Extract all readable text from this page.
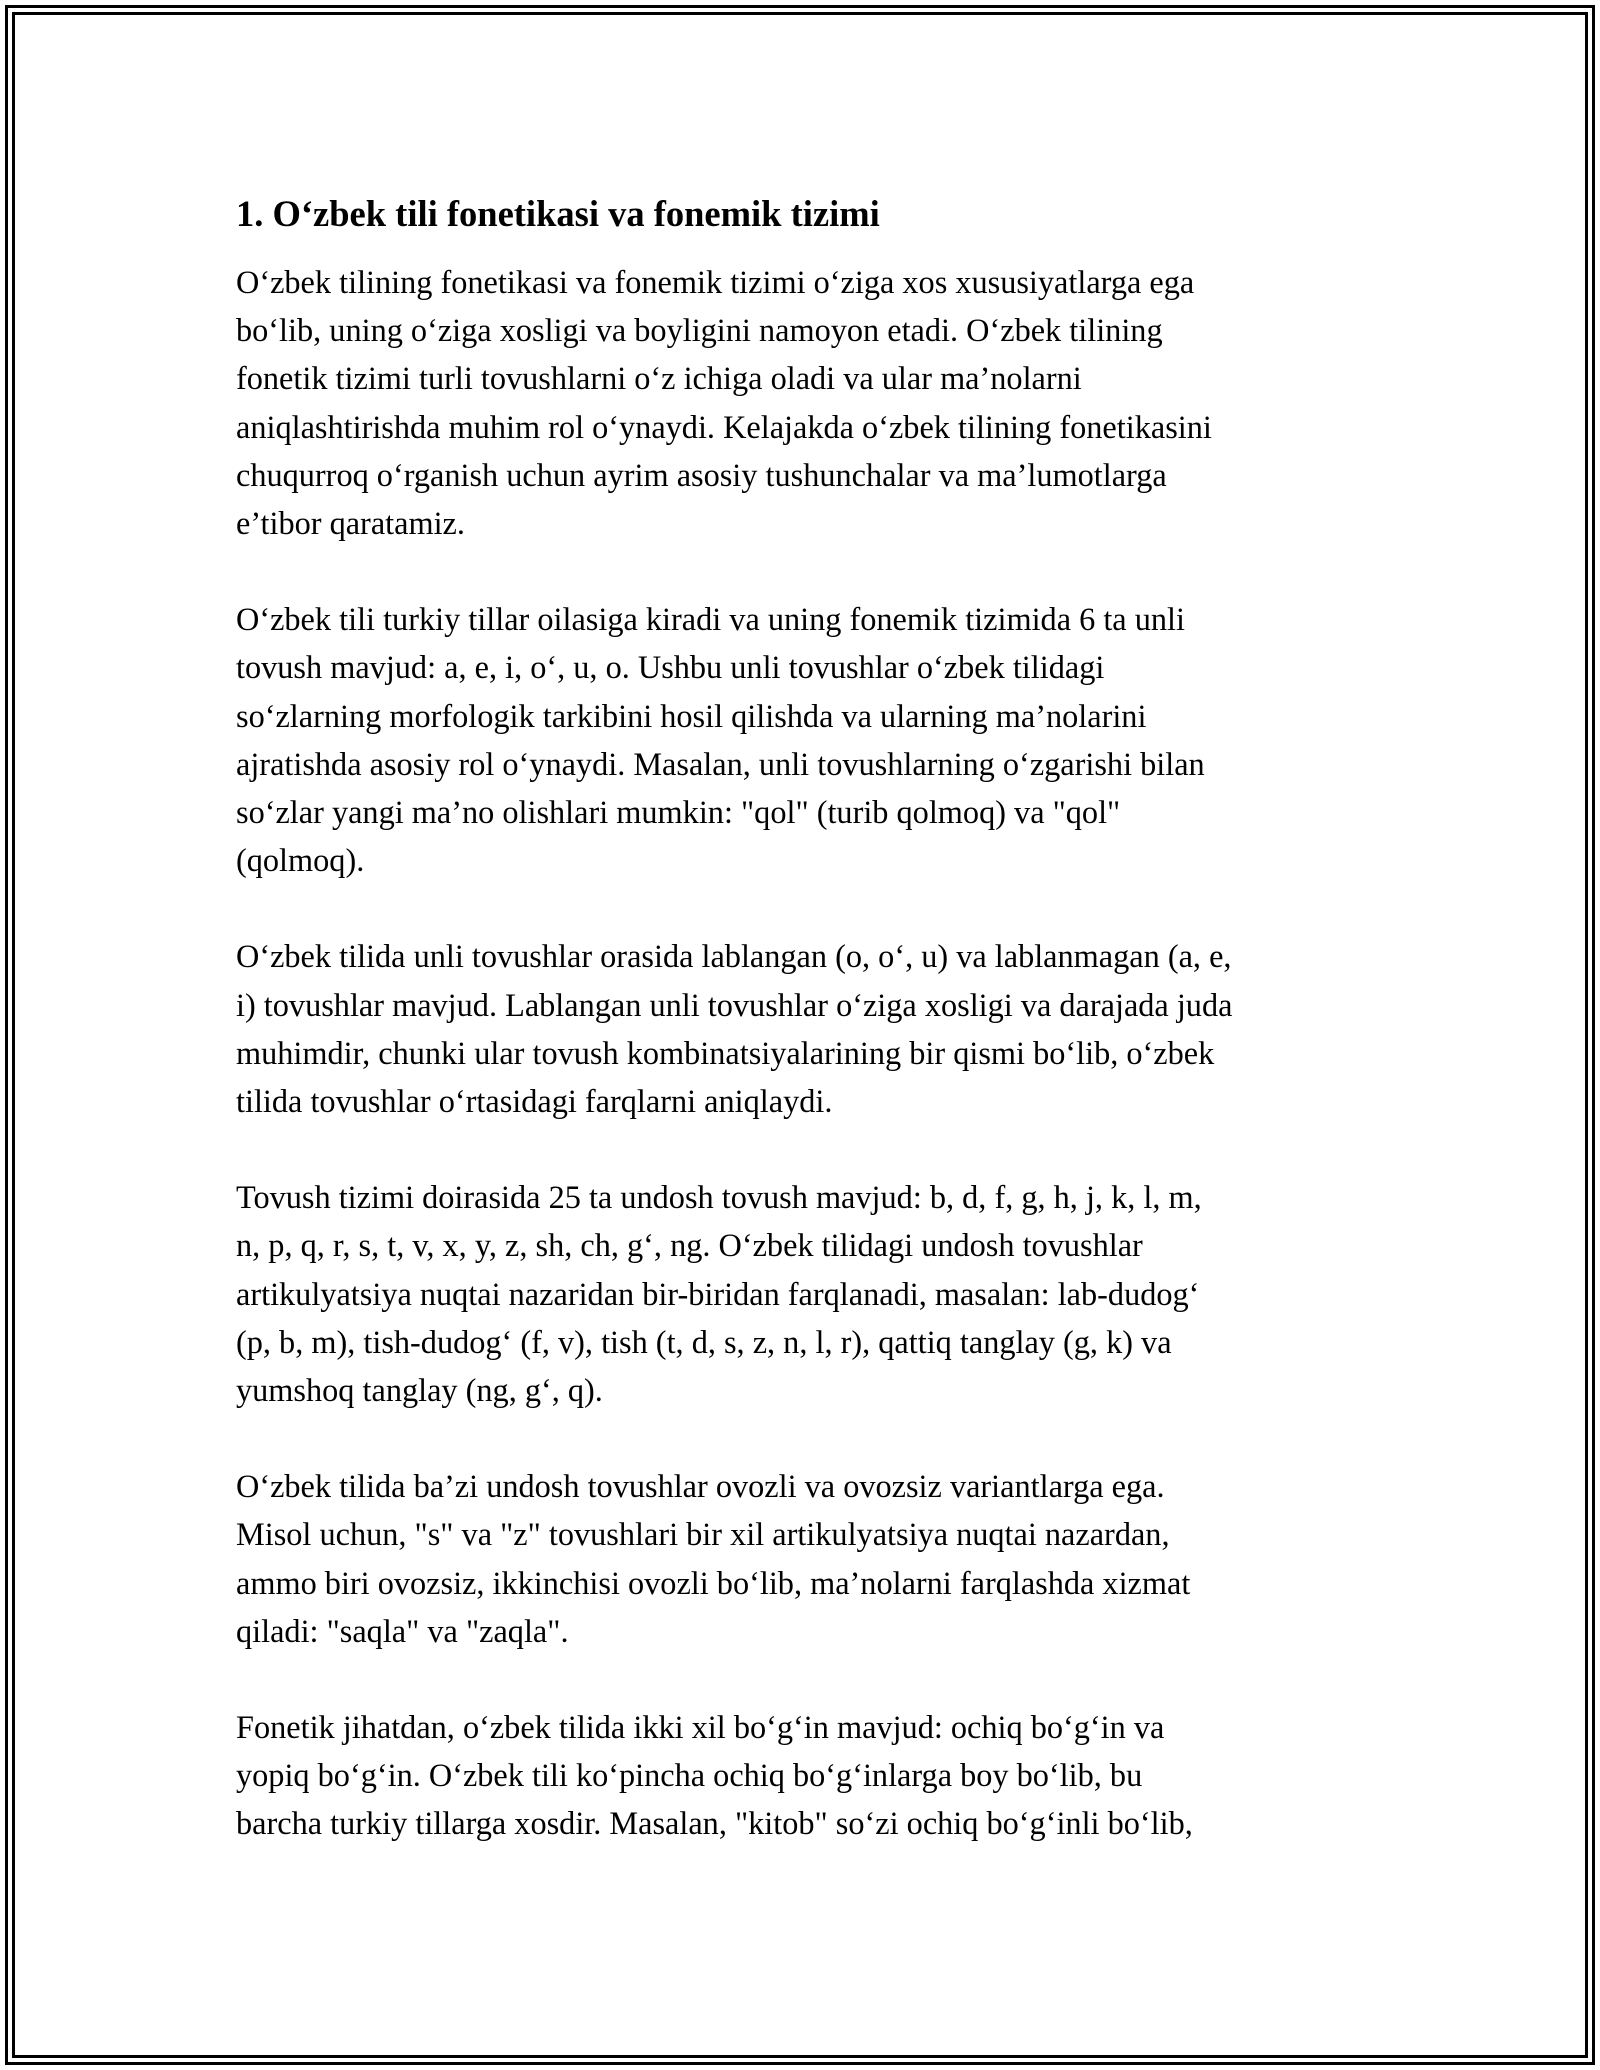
1. O‘zbek tili fonetikasi va fonemik tizimi

O‘zbek tilining fonetikasi va fonemik tizimi o‘ziga xos xususiyatlarga ega
bo‘lib, uning o‘ziga xosligi va boyligini namoyon etadi. O‘zbek tilining
fonetik tizimi turli tovushlarni o‘z ichiga oladi va ular ma’nolarni
aniqlashtirishda muhim rol o‘ynaydi. Kelajakda o‘zbek tilining fonetikasini
chuqurroq o‘rganish uchun ayrim asosiy tushunchalar va ma’lumotlarga
e’tibor qaratamiz.

O‘zbek tili turkiy tillar oilasiga kiradi va uning fonemik tizimida 6 ta unli
tovush mavjud: a, e, i, o‘, u, o. Ushbu unli tovushlar o‘zbek tilidagi
so‘zlarning morfologik tarkibini hosil qilishda va ularning ma’nolarini
ajratishda asosiy rol o‘ynaydi. Masalan, unli tovushlarning o‘zgarishi bilan
so‘zlar yangi ma’no olishlari mumkin: "qol" (turib qolmoq) va "qol"
(qolmoq).

O‘zbek tilida unli tovushlar orasida lablangan (o, o‘, u) va lablanmagan (a, e,
i) tovushlar mavjud. Lablangan unli tovushlar o‘ziga xosligi va darajada juda
muhimdir, chunki ular tovush kombinatsiyalarining bir qismi bo‘lib, o‘zbek
tilida tovushlar o‘rtasidagi farqlarni aniqlaydi.

Tovush tizimi doirasida 25 ta undosh tovush mavjud: b, d, f, g, h, j, k, l, m,
n, p, q, r, s, t, v, x, y, z, sh, ch, g‘, ng. O‘zbek tilidagi undosh tovushlar
artikulyatsiya nuqtai nazaridan bir-biridan farqlanadi, masalan: lab-dudog‘
(p, b, m), tish-dudog‘ (f, v), tish (t, d, s, z, n, l, r), qattiq tanglay (g, k) va
yumshoq tanglay (ng, g‘, q).

O‘zbek tilida ba’zi undosh tovushlar ovozli va ovozsiz variantlarga ega.
Misol uchun, "s" va "z" tovushlari bir xil artikulyatsiya nuqtai nazardan,
ammo biri ovozsiz, ikkinchisi ovozli bo‘lib, ma’nolarni farqlashda xizmat
qiladi: "saqla" va "zaqla".

Fonetik jihatdan, o‘zbek tilida ikki xil bo‘g‘in mavjud: ochiq bo‘g‘in va
yopiq bo‘g‘in. O‘zbek tili ko‘pincha ochiq bo‘g‘inlarga boy bo‘lib, bu
barcha turkiy tillarga xosdir. Masalan, "kitob" so‘zi ochiq bo‘g‘inli bo‘lib,
